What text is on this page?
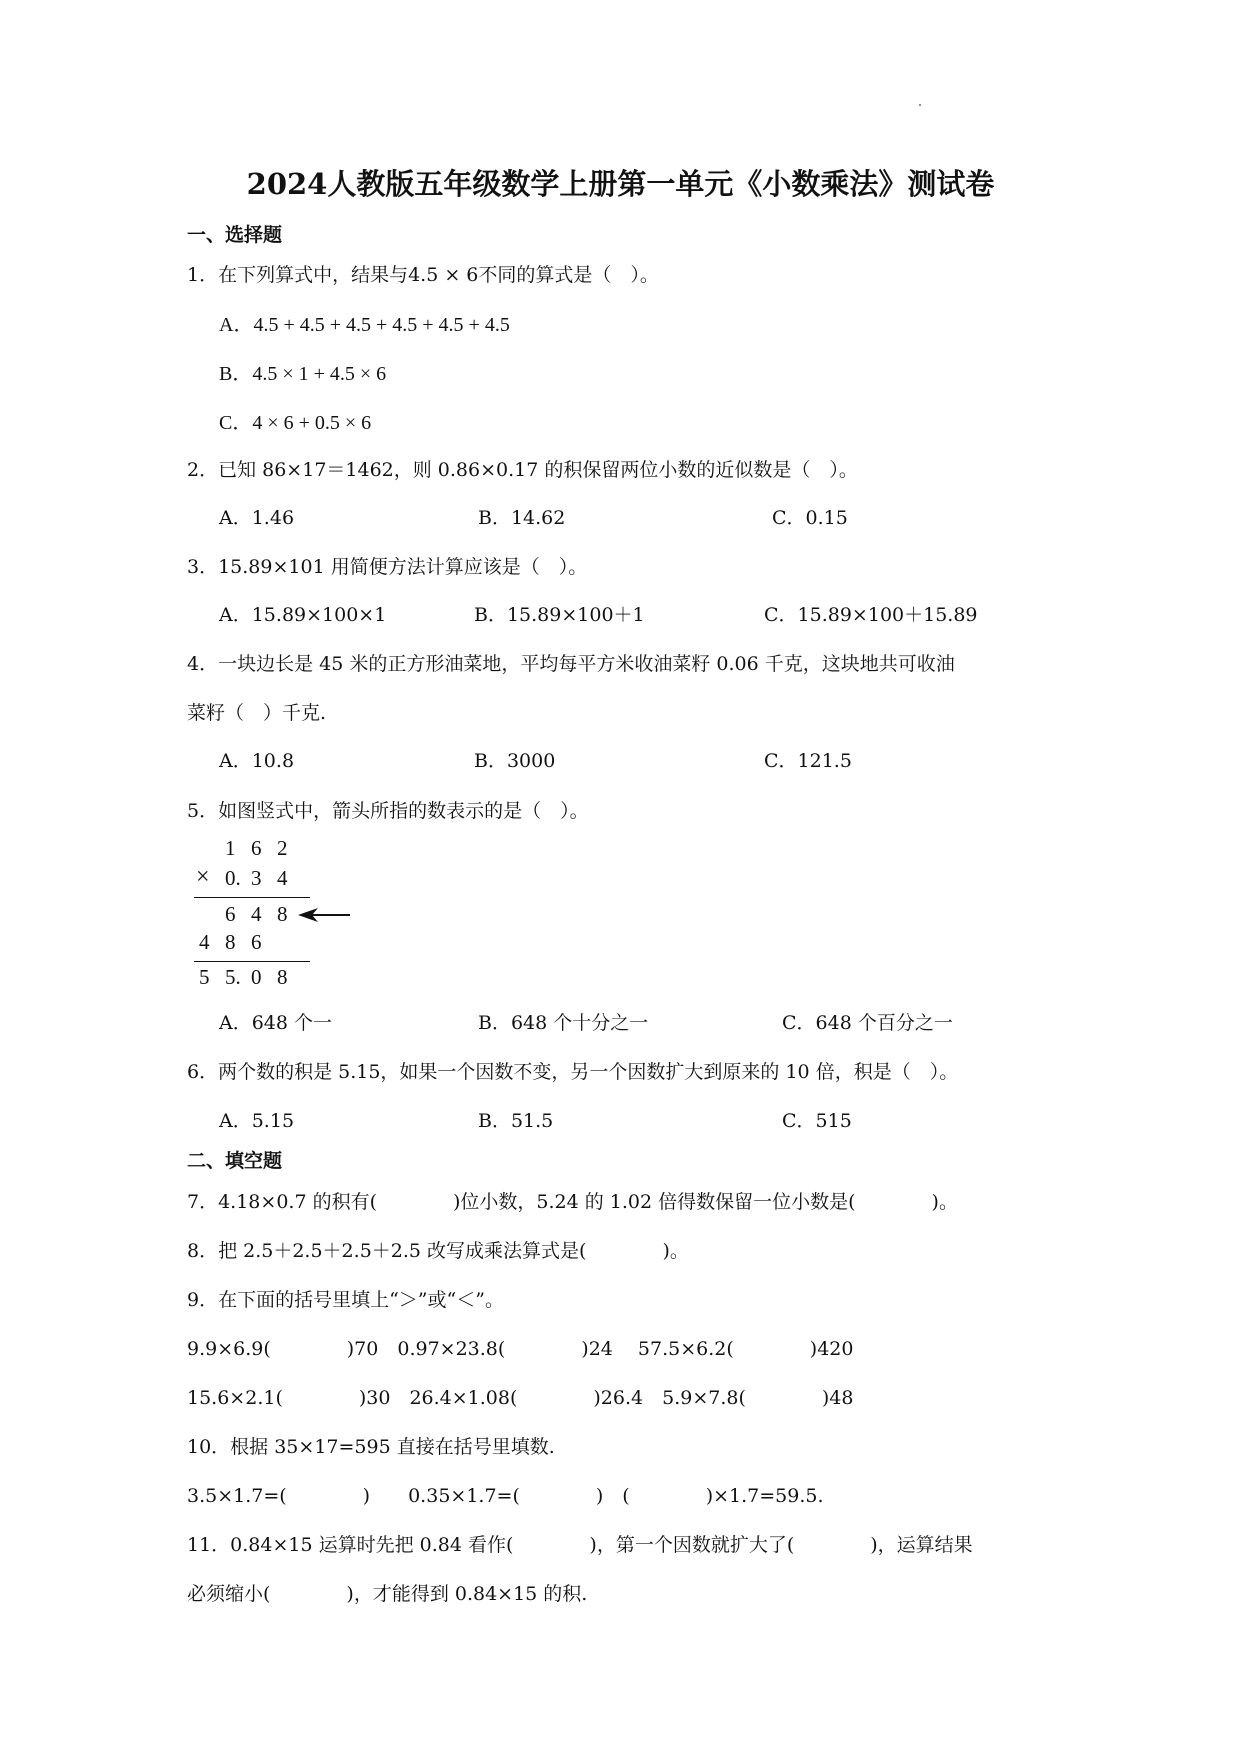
2024人教版五年级数学上册第一单元《小数乘法》测试卷
一、选择题
1．在下列算式中，结果与4.5 × 6不同的算式是（　）。
A．4.5 + 4.5 + 4.5 + 4.5 + 4.5 + 4.5
B．4.5 × 1 + 4.5 × 6
C．4 × 6 + 0.5 × 6
2．已知 86×17＝1462，则 0.86×0.17 的积保留两位小数的近似数是（　）。
A．1.46	B．14.62	C．0.15
3．15.89×101 用简便方法计算应该是（　）。
A．15.89×100×1	B．15.89×100＋1	C．15.89×100＋15.89
4．一块边长是 45 米的正方形油菜地，平均每平方米收油菜籽 0.06 千克，这块地共可收油
菜籽（　）千克.
A．10.8	B．3000	C．121.5
5．如图竖式中，箭头所指的数表示的是（　）。
1 6 2
× 0. 3 4
6 4 8
4 8 6
5 5. 0 8
A．648 个一	B．648 个十分之一	C．648 个百分之一
6．两个数的积是 5.15，如果一个因数不变，另一个因数扩大到原来的 10 倍，积是（　）。
A．5.15	B．51.5	C．515
二、填空题
7．4.18×0.7 的积有(　　　　)位小数，5.24 的 1.02 倍得数保留一位小数是(　　　　)。
8．把 2.5＋2.5＋2.5＋2.5 改写成乘法算式是(　　　　)。
9．在下面的括号里填上“＞”或“＜”。
9.9×6.9(　　　　)70　0.97×23.8(　　　　)24　 57.5×6.2(　　　　)420
15.6×2.1(　　　　)30　26.4×1.08(　　　　)26.4　5.9×7.8(　　　　)48
10．根据 35×17=595 直接在括号里填数.
3.5×1.7=(　　　　)　　0.35×1.7=(　　　　)　(　　　　)×1.7=59.5.
11．0.84×15 运算时先把 0.84 看作(　　　　)，第一个因数就扩大了(　　　　)，运算结果
必须缩小(　　　　)，才能得到 0.84×15 的积.
